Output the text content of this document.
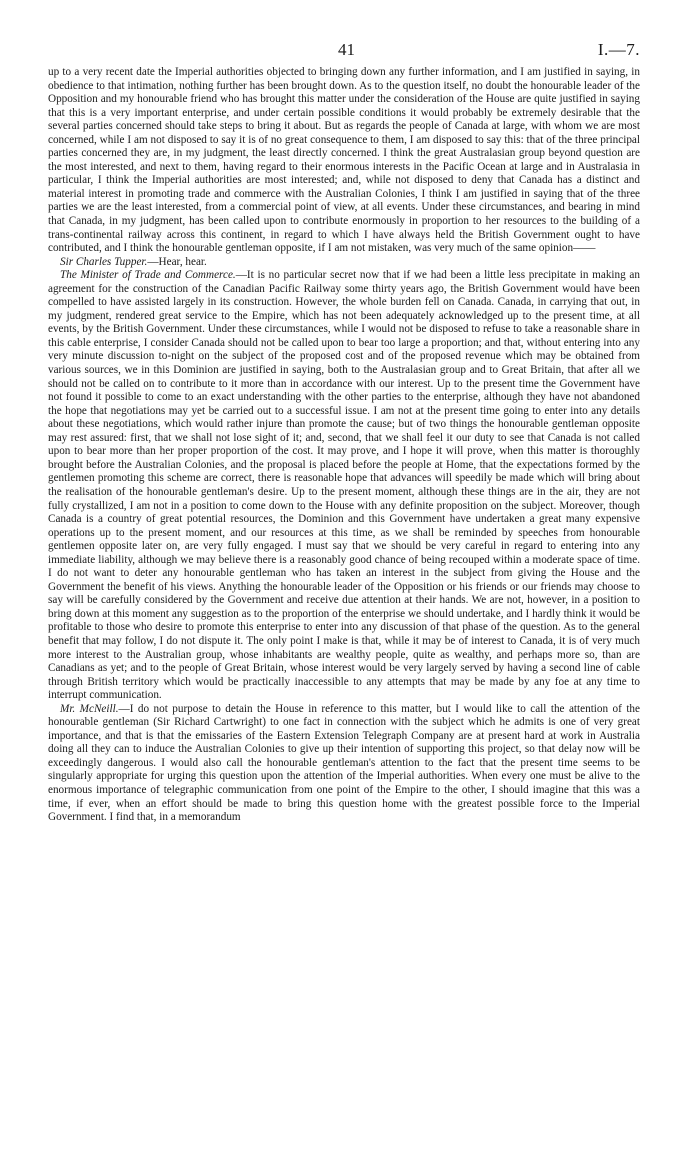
41	I.—7.

up to a very recent date the Imperial authorities objected to bringing down any further information, and I am justified in saying, in obedience to that intimation, nothing further has been brought down. As to the question itself, no doubt the honourable leader of the Opposition and my honourable friend who has brought this matter under the consideration of the House are quite justified in saying that this is a very important enterprise, and under certain possible conditions it would probably be extremely desirable that the several parties concerned should take steps to bring it about. But as regards the people of Canada at large, with whom we are most concerned, while I am not disposed to say it is of no great consequence to them, I am disposed to say this: that of the three principal parties concerned they are, in my judgment, the least directly concerned. I think the great Australasian group beyond question are the most interested, and next to them, having regard to their enormous interests in the Pacific Ocean at large and in Australasia in particular, I think the Imperial authorities are most interested; and, while not disposed to deny that Canada has a distinct and material interest in promoting trade and commerce with the Australian Colonies, I think I am justified in saying that of the three parties we are the least interested, from a commercial point of view, at all events. Under these circumstances, and bearing in mind that Canada, in my judgment, has been called upon to contribute enormously in proportion to her resources to the building of a trans-continental railway across this continent, in regard to which I have always held the British Government ought to have contributed, and I think the honourable gentleman opposite, if I am not mistaken, was very much of the same opinion——

Sir Charles Tupper.—Hear, hear.

The Minister of Trade and Commerce.—It is no particular secret now that if we had been a little less precipitate in making an agreement for the construction of the Canadian Pacific Railway some thirty years ago, the British Government would have been compelled to have assisted largely in its construction. However, the whole burden fell on Canada. Canada, in carrying that out, in my judgment, rendered great service to the Empire, which has not been adequately acknowledged up to the present time, at all events, by the British Government. Under these circumstances, while I would not be disposed to refuse to take a reasonable share in this cable enterprise, I consider Canada should not be called upon to bear too large a proportion; and that, without entering into any very minute discussion to-night on the subject of the proposed cost and of the proposed revenue which may be obtained from various sources, we in this Dominion are justified in saying, both to the Australasian group and to Great Britain, that after all we should not be called on to contribute to it more than in accordance with our interest. Up to the present time the Government have not found it possible to come to an exact understanding with the other parties to the enterprise, although they have not abandoned the hope that negotiations may yet be carried out to a successful issue. I am not at the present time going to enter into any details about these negotiations, which would rather injure than promote the cause; but of two things the honourable gentleman opposite may rest assured: first, that we shall not lose sight of it; and, second, that we shall feel it our duty to see that Canada is not called upon to bear more than her proper proportion of the cost. It may prove, and I hope it will prove, when this matter is thoroughly brought before the Australian Colonies, and the proposal is placed before the people at Home, that the expectations formed by the gentlemen promoting this scheme are correct, there is reasonable hope that advances will speedily be made which will bring about the realisation of the honourable gentleman's desire. Up to the present moment, although these things are in the air, they are not fully crystallized, I am not in a position to come down to the House with any definite proposition on the subject. Moreover, though Canada is a country of great potential resources, the Dominion and this Government have undertaken a great many expensive operations up to the present moment, and our resources at this time, as we shall be reminded by speeches from honourable gentlemen opposite later on, are very fully engaged. I must say that we should be very careful in regard to entering into any immediate liability, although we may believe there is a reasonably good chance of being recouped within a moderate space of time. I do not want to deter any honourable gentleman who has taken an interest in the subject from giving the House and the Government the benefit of his views. Anything the honourable leader of the Opposition or his friends or our friends may choose to say will be carefully considered by the Government and receive due attention at their hands. We are not, however, in a position to bring down at this moment any suggestion as to the proportion of the enterprise we should undertake, and I hardly think it would be profitable to those who desire to promote this enterprise to enter into any discussion of that phase of the question. As to the general benefit that may follow, I do not dispute it. The only point I make is that, while it may be of interest to Canada, it is of very much more interest to the Australian group, whose inhabitants are wealthy people, quite as wealthy, and perhaps more so, than are Canadians as yet; and to the people of Great Britain, whose interest would be very largely served by having a second line of cable through British territory which would be practically inaccessible to any attempts that may be made by any foe at any time to interrupt communication.

Mr. McNeill.—I do not purpose to detain the House in reference to this matter, but I would like to call the attention of the honourable gentleman (Sir Richard Cartwright) to one fact in connection with the subject which he admits is one of very great importance, and that is that the emissaries of the Eastern Extension Telegraph Company are at present hard at work in Australia doing all they can to induce the Australian Colonies to give up their intention of supporting this project, so that delay now will be exceedingly dangerous. I would also call the honourable gentleman's attention to the fact that the present time seems to be singularly appropriate for urging this question upon the attention of the Imperial authorities. When every one must be alive to the enormous importance of telegraphic communication from one point of the Empire to the other, I should imagine that this was a time, if ever, when an effort should be made to bring this question home with the greatest possible force to the Imperial Government. I find that, in a memorandum
